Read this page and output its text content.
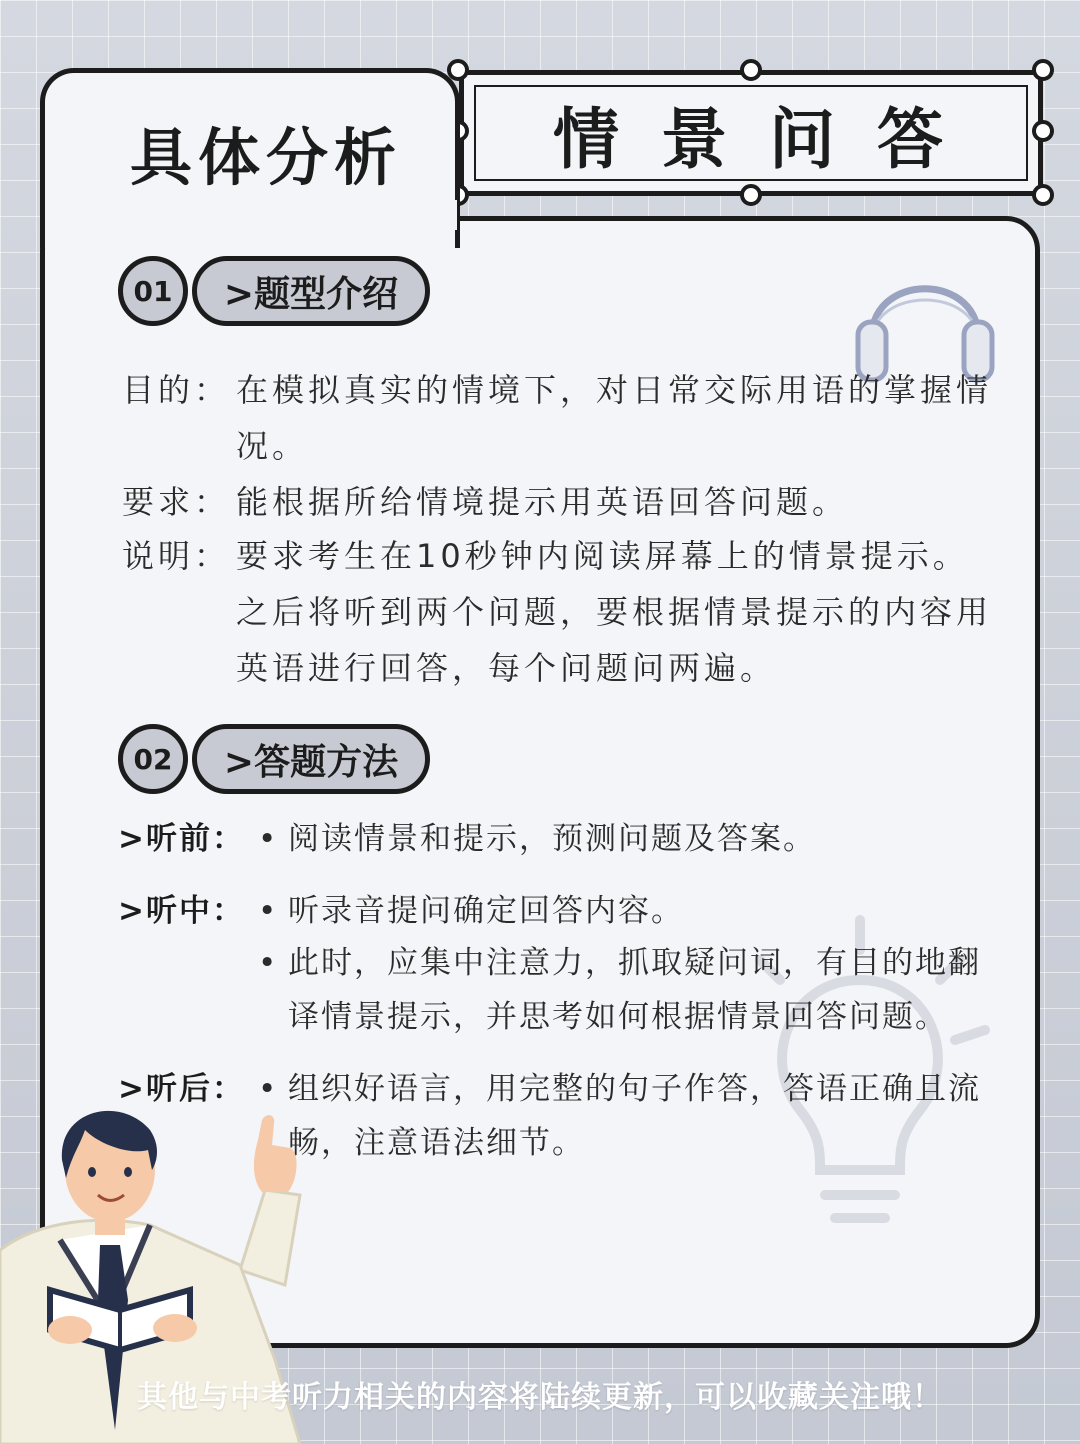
情景问答
具体分析
01	>题型介绍
目的： 在模拟真实的情境下，对日常交际用语的掌握情况。
要求： 能根据所给情境提示用英语回答问题。
说明： 要求考生在10秒钟内阅读屏幕上的情景提示。之后将听到两个问题，要根据情景提示的内容用英语进行回答，每个问题问两遍。
02	>答题方法
>听前： • 阅读情景和提示，预测问题及答案。
>听中： • 听录音提问确定回答内容。
• 此时，应集中注意力，抓取疑问词，有目的地翻译情景提示，并思考如何根据情景回答问题。
>听后： • 组织好语言，用完整的句子作答，答语正确且流畅，注意语法细节。
其他与中考听力相关的内容将陆续更新，可以收藏关注哦！
